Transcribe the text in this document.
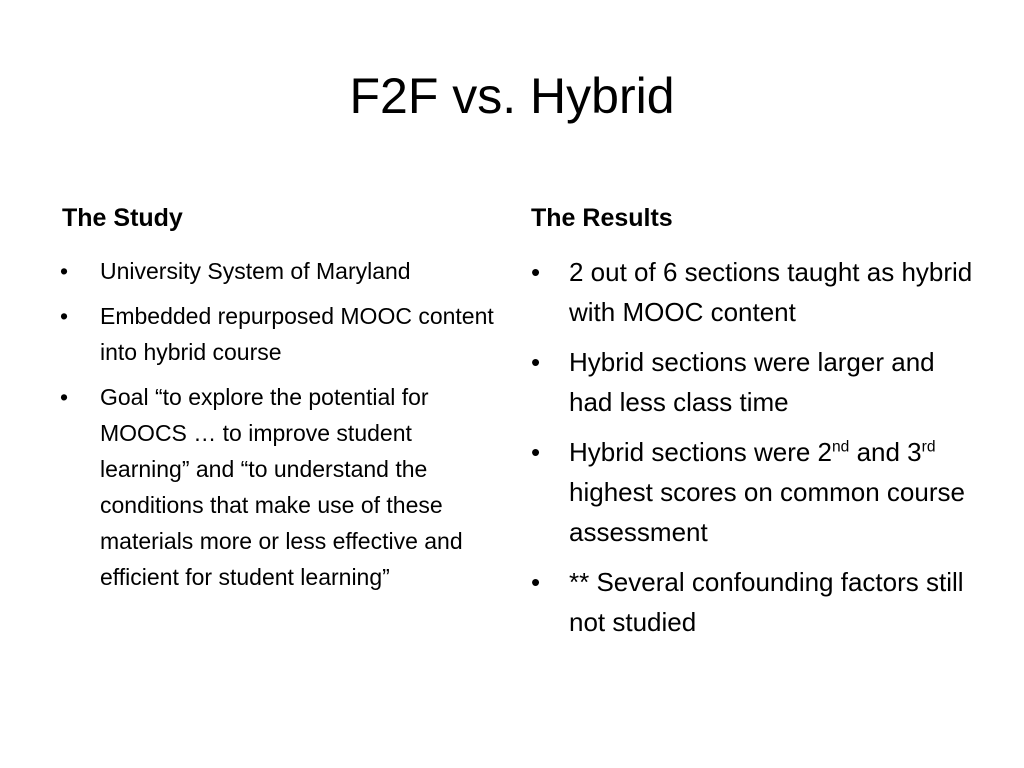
F2F vs. Hybrid
The Study
• University System of Maryland
• Embedded repurposed MOOC content into hybrid course
• Goal “to explore the potential for MOOCS … to improve student learning” and “to understand the conditions that make use of these materials more or less effective and efficient for student learning”
The Results
• 2 out of 6 sections taught as hybrid with MOOC content
• Hybrid sections were larger and had less class time
• Hybrid sections were 2nd and 3rd highest scores on common course assessment
• ** Several confounding factors still not studied
